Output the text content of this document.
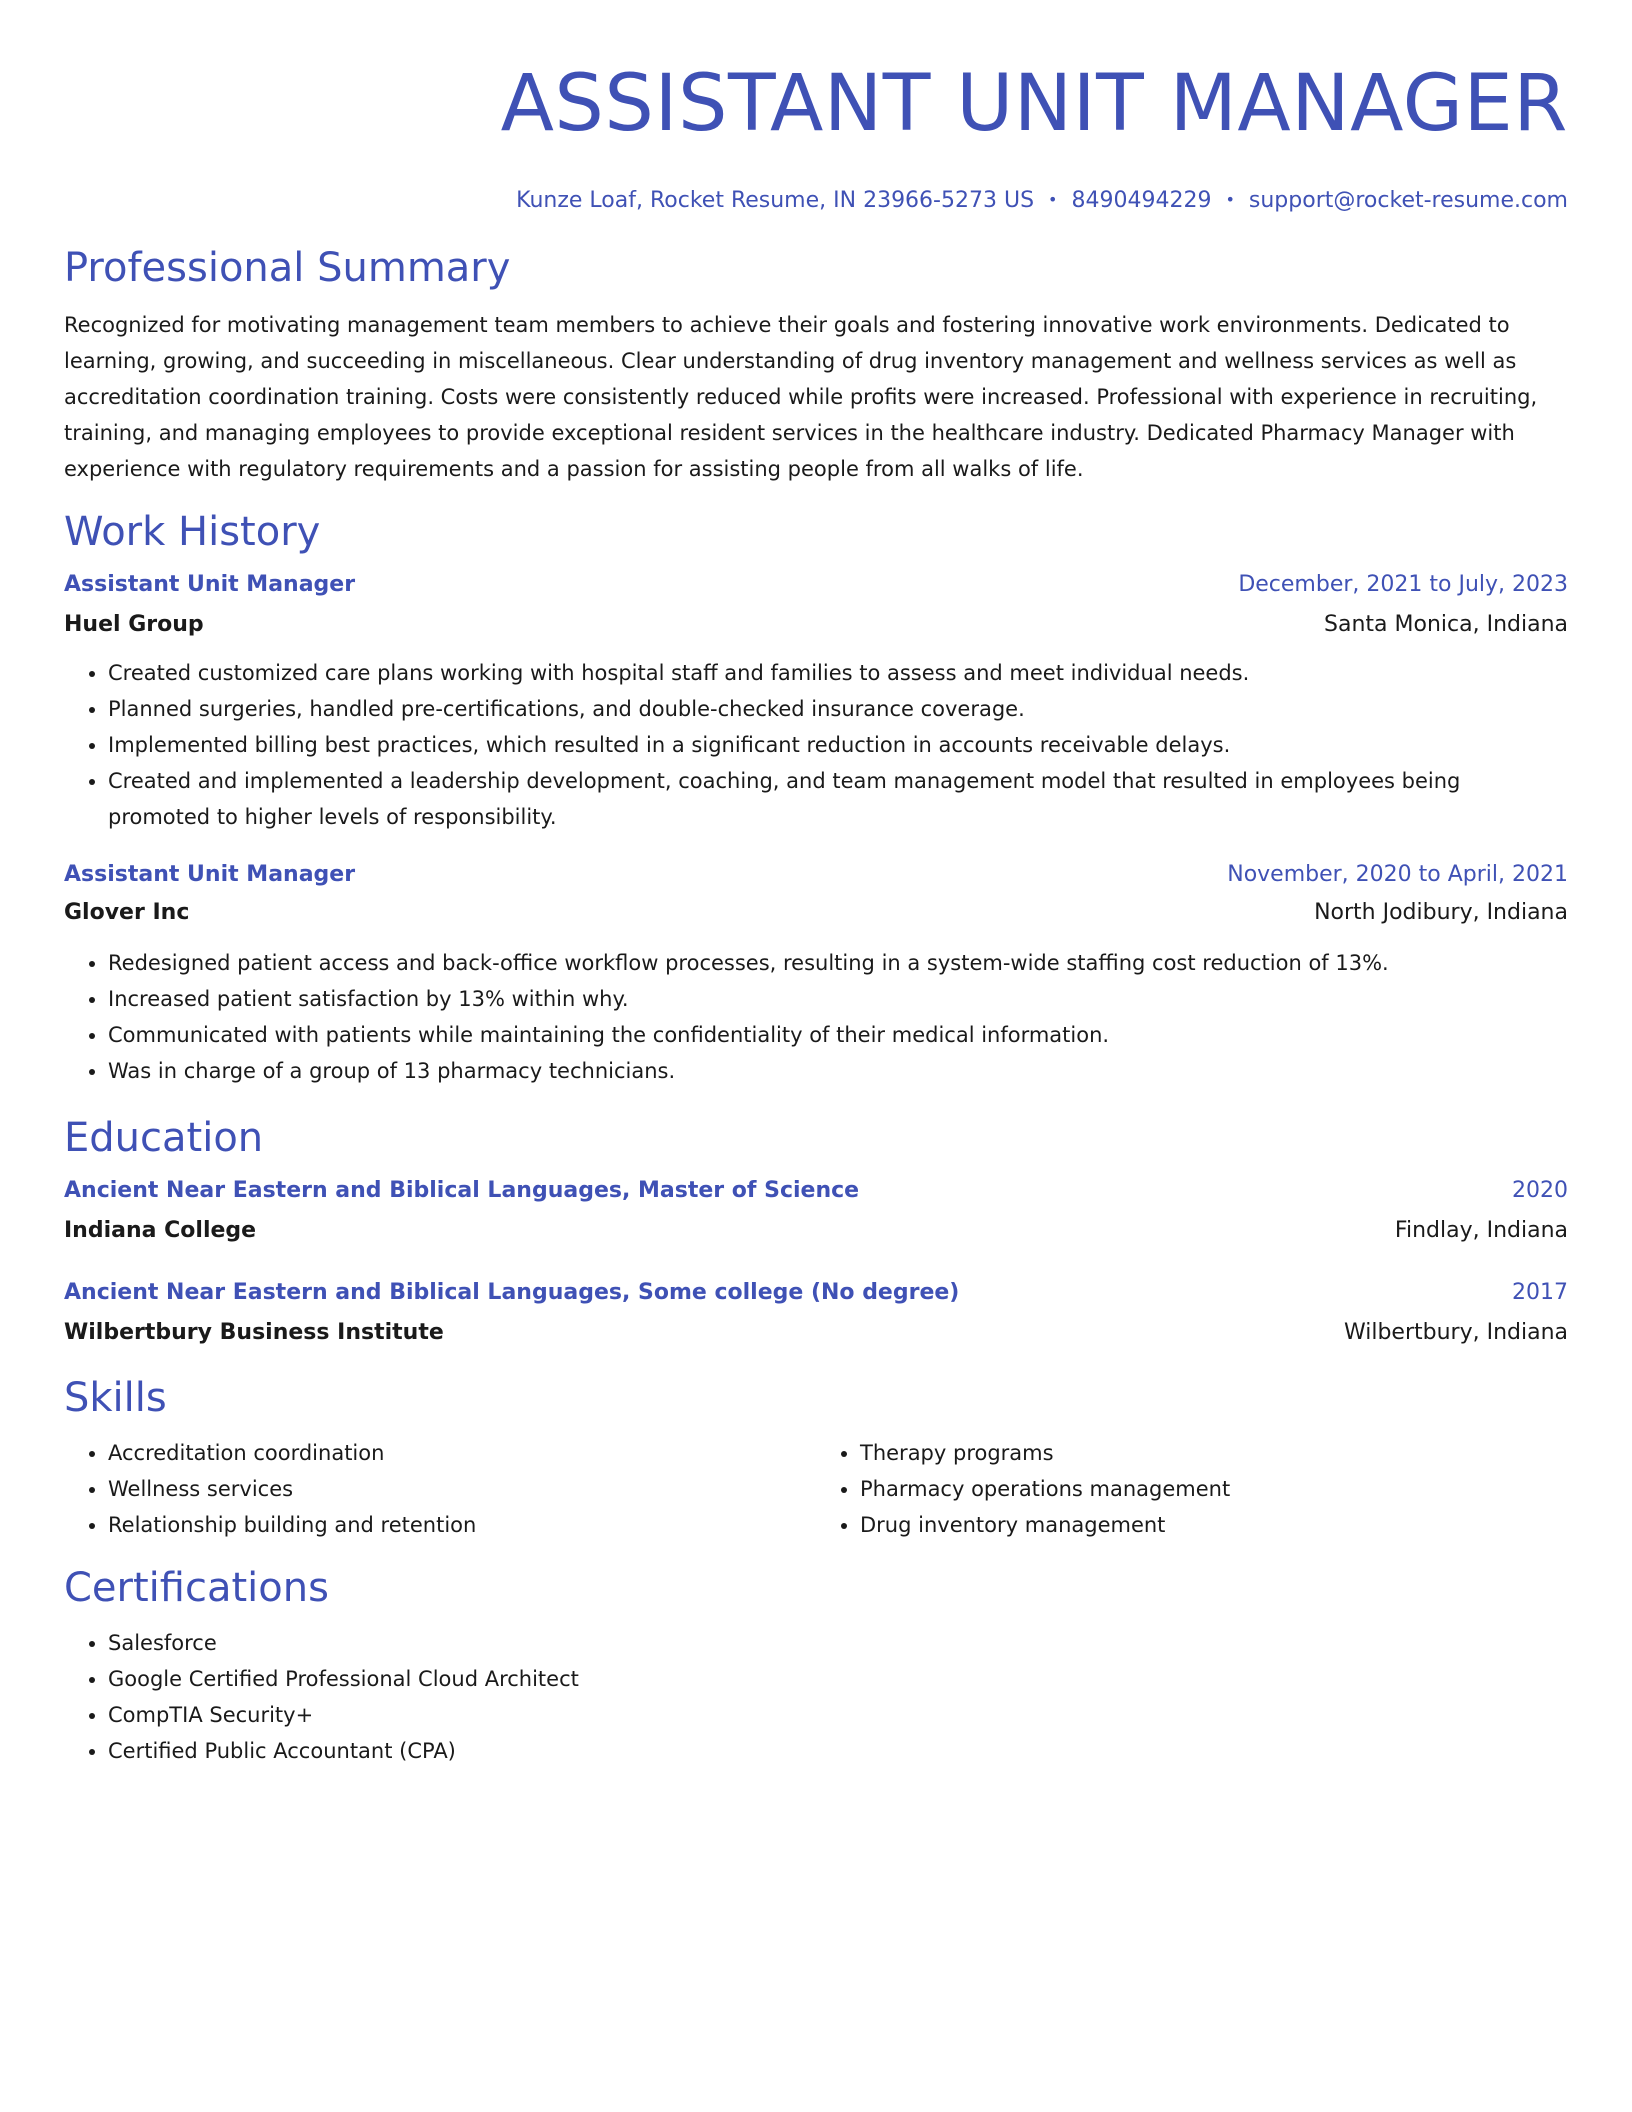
ASSISTANT UNIT MANAGER
Kunze Loaf, Rocket Resume, IN 23966-5273 US • 8490494229 • support@rocket-resume.com
Professional Summary
Recognized for motivating management team members to achieve their goals and fostering innovative work environments. Dedicated to learning, growing, and succeeding in miscellaneous. Clear understanding of drug inventory management and wellness services as well as accreditation coordination training. Costs were consistently reduced while profits were increased. Professional with experience in recruiting, training, and managing employees to provide exceptional resident services in the healthcare industry. Dedicated Pharmacy Manager with experience with regulatory requirements and a passion for assisting people from all walks of life.
Work History
Assistant Unit Manager	December, 2021 to July, 2023
Huel Group	Santa Monica, Indiana
• Created customized care plans working with hospital staff and families to assess and meet individual needs.
• Planned surgeries, handled pre-certifications, and double-checked insurance coverage.
• Implemented billing best practices, which resulted in a significant reduction in accounts receivable delays.
• Created and implemented a leadership development, coaching, and team management model that resulted in employees being promoted to higher levels of responsibility.
Assistant Unit Manager	November, 2020 to April, 2021
Glover Inc	North Jodibury, Indiana
• Redesigned patient access and back-office workflow processes, resulting in a system-wide staffing cost reduction of 13%.
• Increased patient satisfaction by 13% within why.
• Communicated with patients while maintaining the confidentiality of their medical information.
• Was in charge of a group of 13 pharmacy technicians.
Education
Ancient Near Eastern and Biblical Languages, Master of Science	2020
Indiana College	Findlay, Indiana
Ancient Near Eastern and Biblical Languages, Some college (No degree)	2017
Wilbertbury Business Institute	Wilbertbury, Indiana
Skills
• Accreditation coordination
• Wellness services
• Relationship building and retention
• Therapy programs
• Pharmacy operations management
• Drug inventory management
Certifications
• Salesforce
• Google Certified Professional Cloud Architect
• CompTIA Security+
• Certified Public Accountant (CPA)
